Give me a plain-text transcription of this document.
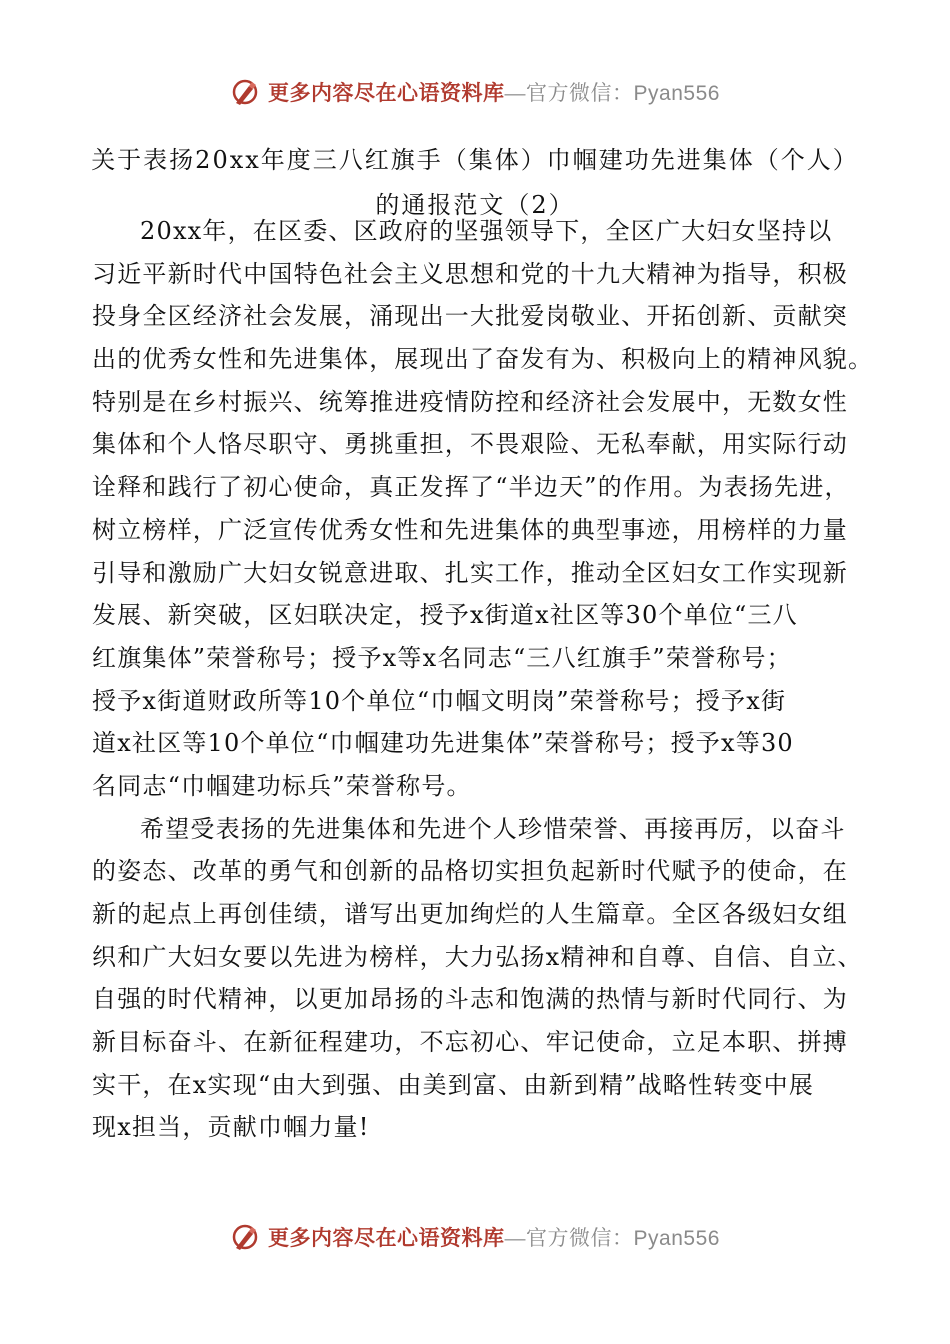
更多内容尽在心语资料库—官方微信：Pyan556
关于表扬20xx年度三八红旗手（集体）巾帼建功先进集体（个人）
的通报范文（2）
20xx年，在区委、区政府的坚强领导下，全区广大妇女坚持以
习近平新时代中国特色社会主义思想和党的十九大精神为指导，积极
投身全区经济社会发展，涌现出一大批爱岗敬业、开拓创新、贡献突
出的优秀女性和先进集体，展现出了奋发有为、积极向上的精神风貌。
特别是在乡村振兴、统筹推进疫情防控和经济社会发展中，无数女性
集体和个人恪尽职守、勇挑重担，不畏艰险、无私奉献，用实际行动
诠释和践行了初心使命，真正发挥了“半边天”的作用。为表扬先进，
树立榜样，广泛宣传优秀女性和先进集体的典型事迹，用榜样的力量
引导和激励广大妇女锐意进取、扎实工作，推动全区妇女工作实现新
发展、新突破，区妇联决定，授予x街道x社区等30个单位“三八
红旗集体”荣誉称号；授予x等x名同志“三八红旗手”荣誉称号；
授予x街道财政所等10个单位“巾帼文明岗”荣誉称号；授予x街
道x社区等10个单位“巾帼建功先进集体”荣誉称号；授予x等30
名同志“巾帼建功标兵”荣誉称号。
希望受表扬的先进集体和先进个人珍惜荣誉、再接再厉，以奋斗
的姿态、改革的勇气和创新的品格切实担负起新时代赋予的使命，在
新的起点上再创佳绩，谱写出更加绚烂的人生篇章。全区各级妇女组
织和广大妇女要以先进为榜样，大力弘扬x精神和自尊、自信、自立、
自强的时代精神，以更加昂扬的斗志和饱满的热情与新时代同行、为
新目标奋斗、在新征程建功，不忘初心、牢记使命，立足本职、拼搏
实干，在x实现“由大到强、由美到富、由新到精”战略性转变中展
现x担当，贡献巾帼力量!
更多内容尽在心语资料库—官方微信：Pyan556
